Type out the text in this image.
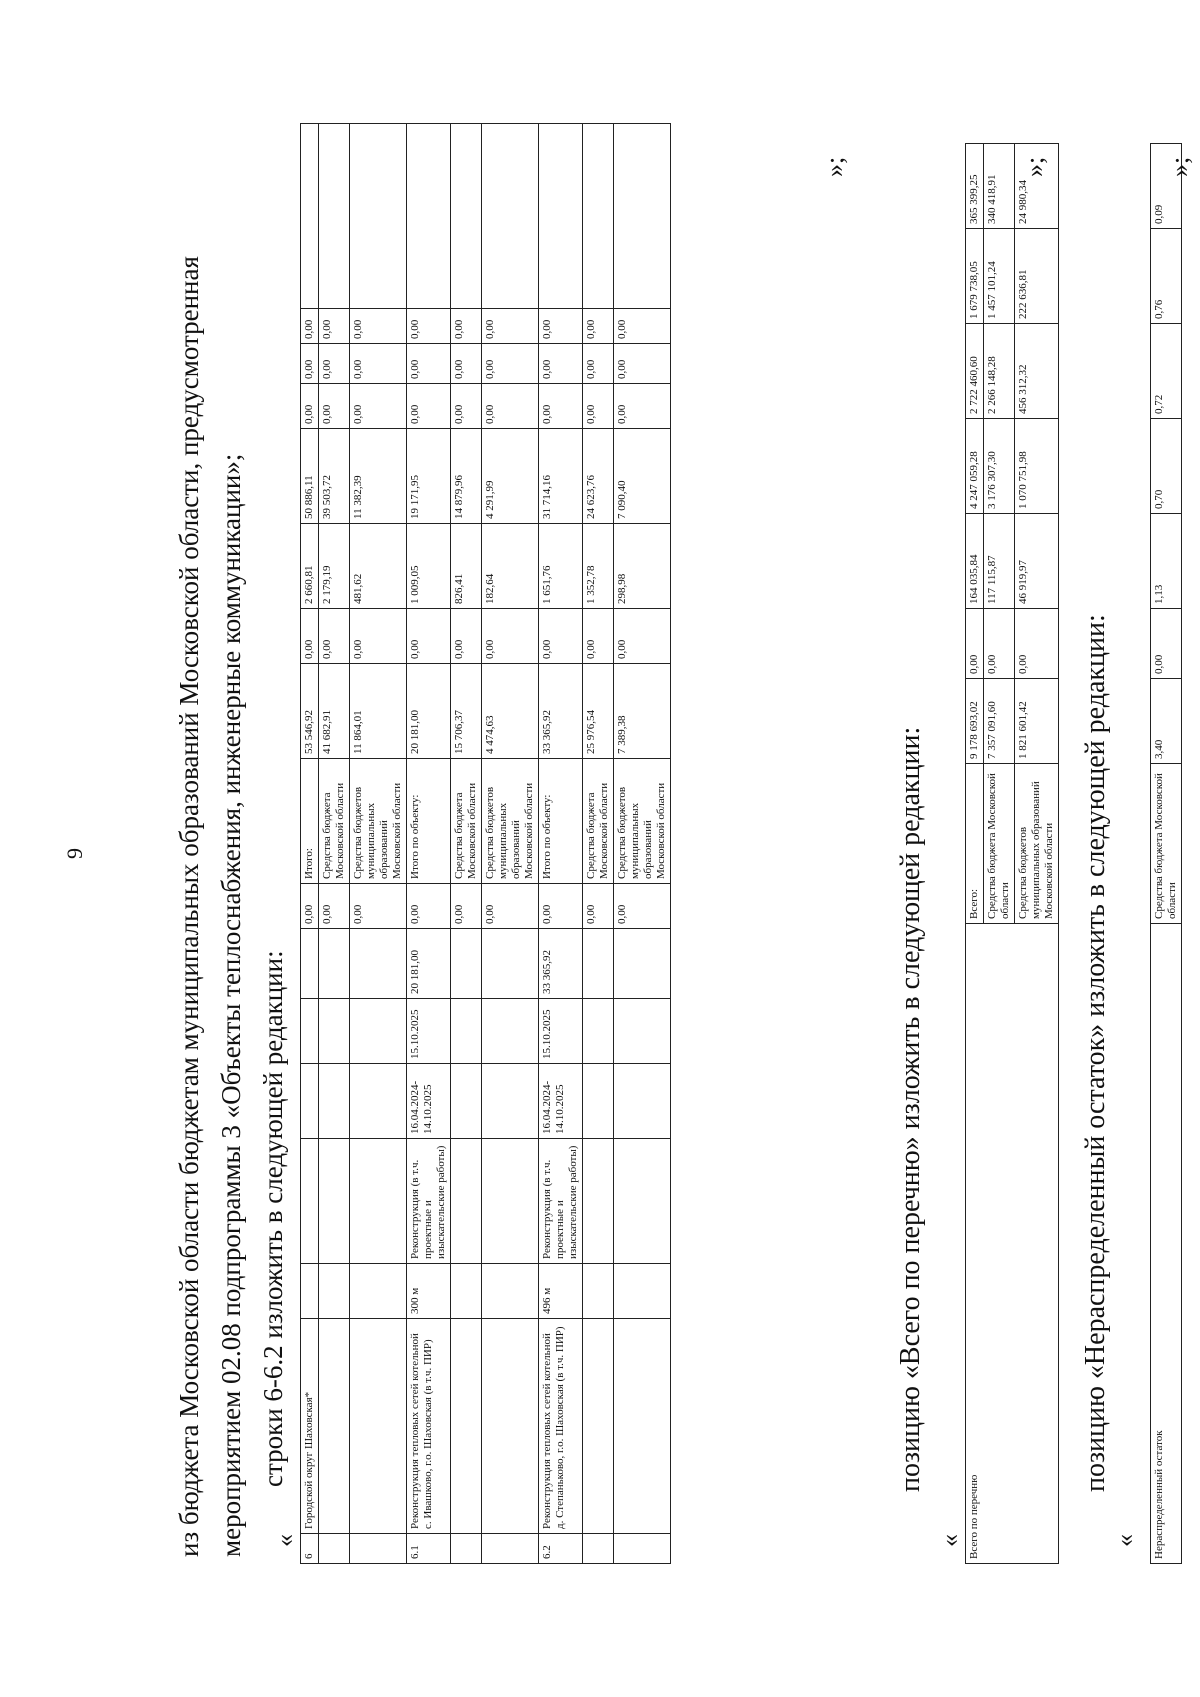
9	из бюджета Московской области бюджетам муниципальных образований Московской области, предусмотренная мероприятием 02.08 подпрограммы 3 «Объекты теплоснабжения, инженерные коммуникации»; строки 6-6.2 изложить в следующей редакции:

«
6	Городской округ Шаховская*						0,00	Итого:	53 546,92	0,00	2 660,81	50 886,11	0,00	0,00	0,00	
							0,00	Средства бюджета Московской области	41 682,91	0,00	2 179,19	39 503,72	0,00	0,00	0,00	
							0,00	Средства бюджетов муниципальных образований Московской области	11 864,01	0,00	481,62	11 382,39	0,00	0,00	0,00	
6.1	Реконструкция тепловых сетей котельной с. Ивашково, г.о. Шаховская (в т.ч. ПИР)	300 м	Реконструкция (в т.ч. проектные и изыскательские работы)	16.04.2024-14.10.2025	15.10.2025	20 181,00	0,00	Итого по объекту:	20 181,00	0,00	1 009,05	19 171,95	0,00	0,00	0,00	
							0,00	Средства бюджета Московской области	15 706,37	0,00	826,41	14 879,96	0,00	0,00	0,00	
							0,00	Средства бюджетов муниципальных образований Московской области	4 474,63	0,00	182,64	4 291,99	0,00	0,00	0,00	
6.2	Реконструкция тепловых сетей котельной д. Степаньково, г.о. Шаховская (в т.ч. ПИР)	496 м	Реконструкция (в т.ч. проектные и изыскательские работы)	16.04.2024-14.10.2025	15.10.2025	33 365,92	0,00	Итого по объекту:	33 365,92	0,00	1 651,76	31 714,16	0,00	0,00	0,00	
							0,00	Средства бюджета Московской области	25 976,54	0,00	1 352,78	24 623,76	0,00	0,00	0,00	
							0,00	Средства бюджетов муниципальных образований Московской области	7 389,38	0,00	298,98	7 090,40	0,00	0,00	0,00	
»;
позицию «Всего по перечню» изложить в следующей редакции:
« Всего по перечню	Всего:	9 178 693,02	0,00	164 035,84	4 247 059,28	2 722 460,60	1 679 738,05	365 399,25
	Средства бюджета Московской области	7 357 091,60	0,00	117 115,87	3 176 307,30	2 266 148,28	1 457 101,24	340 418,91
	Средства бюджетов муниципальных образований Московской области	1 821 601,42	0,00	46 919,97	1 070 751,98	456 312,32	222 636,81	24 980,34
»;
позицию «Нераспределенный остаток» изложить в следующей редакции:
« Нераспределенный остаток	Средства бюджета Московской области	3,40	0,00	1,13	0,70	0,72	0,76	0,09
»;
